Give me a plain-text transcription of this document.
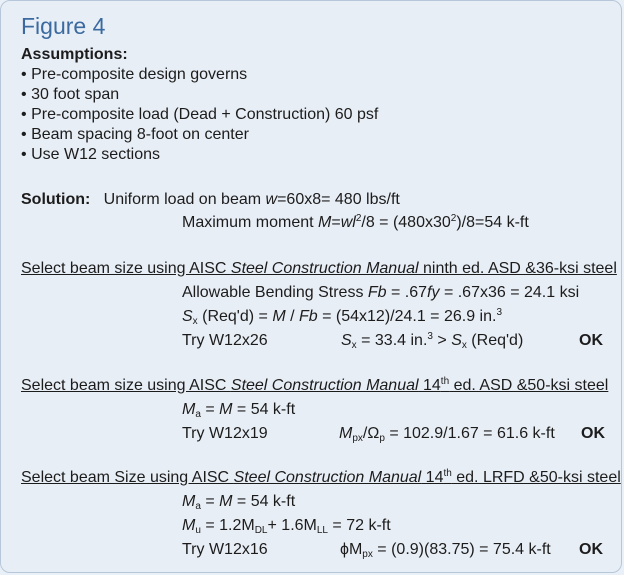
Figure 4
Assumptions:
• Pre-composite design governs
• 30 foot span
• Pre-composite load (Dead + Construction) 60 psf
• Beam spacing 8-foot on center
• Use W12 sections
Solution: Uniform load on beam w=60x8= 480 lbs/ft
Maximum moment $M=wl^2/8 = (480x30^2)/8=54$ k-ft
Select beam size using AISC Steel Construction Manual ninth ed. ASD &36-ksi steel
Allowable Bending Stress Fb = .67fy = .67x36 = 24.1 ksi
$S_x$ (Req'd) = M / Fb = (54x12)/24.1 = 26.9 in.$^3$
Try W12x26	$S_x = 33.4$ $in.^3 > S_x$ (Req'd)	OK
Select beam size using AISC Steel Construction Manual 14th ed. ASD &50-ksi steel
$M_a = M = 54$ k-ft
Try W12x19	$M_{px}/\Omega_p = 102.9/1.67 = 61.6$ k-ft OK
Select beam Size using AISC Steel Construction Manual 14th ed. LRFD &50-ksi steel
$M_a = M = 54$ k-ft
$M_u = 1.2M_{DL}+ 1.6M_{LL} = 72$ k-ft
Try W12x16	$\phi M_{px} = (0.9)(83.75) = 75.4$ k-ft OK
